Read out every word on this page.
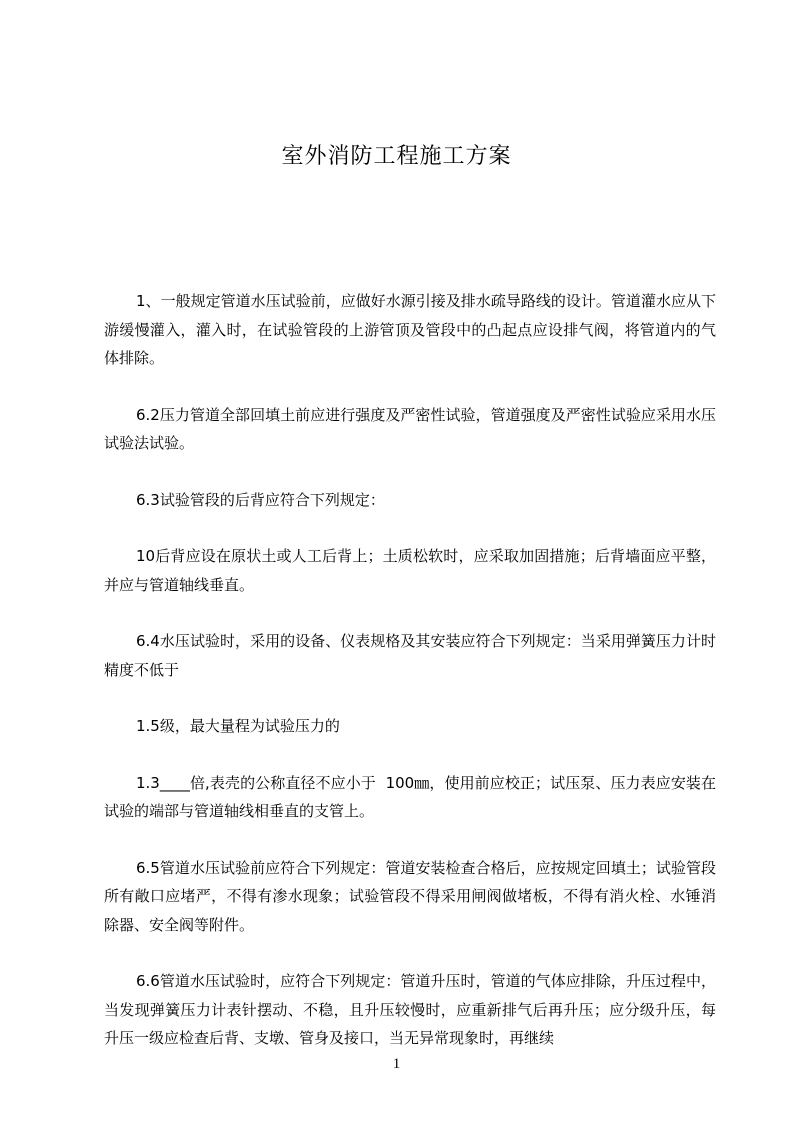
室外消防工程施工方案

1、一般规定管道水压试验前，应做好水源引接及排水疏导路线的设计。管道灌水应从下游缓慢灌入，灌入时，在试验管段的上游管顶及管段中的凸起点应设排气阀，将管道内的气体排除。

6.2压力管道全部回填土前应进行强度及严密性试验，管道强度及严密性试验应采用水压试验法试验。

6.3试验管段的后背应符合下列规定：

10后背应设在原状土或人工后背上；土质松软时，应采取加固措施；后背墙面应平整，并应与管道轴线垂直。

6.4水压试验时，采用的设备、仪表规格及其安装应符合下列规定：当采用弹簧压力计时精度不低于

1.5级，最大量程为试验压力的

1.3____倍,表壳的公称直径不应小于  100㎜，使用前应校正；试压泵、压力表应安装在试验的端部与管道轴线相垂直的支管上。

6.5管道水压试验前应符合下列规定：管道安装检查合格后，应按规定回填土；试验管段所有敞口应堵严，不得有渗水现象；试验管段不得采用闸阀做堵板，不得有消火栓、水锤消除器、安全阀等附件。

6.6管道水压试验时，应符合下列规定：管道升压时，管道的气体应排除，升压过程中，当发现弹簧压力计表针摆动、不稳，且升压较慢时，应重新排气后再升压；应分级升压，每升压一级应检查后背、支墩、管身及接口，当无异常现象时，再继续

1
